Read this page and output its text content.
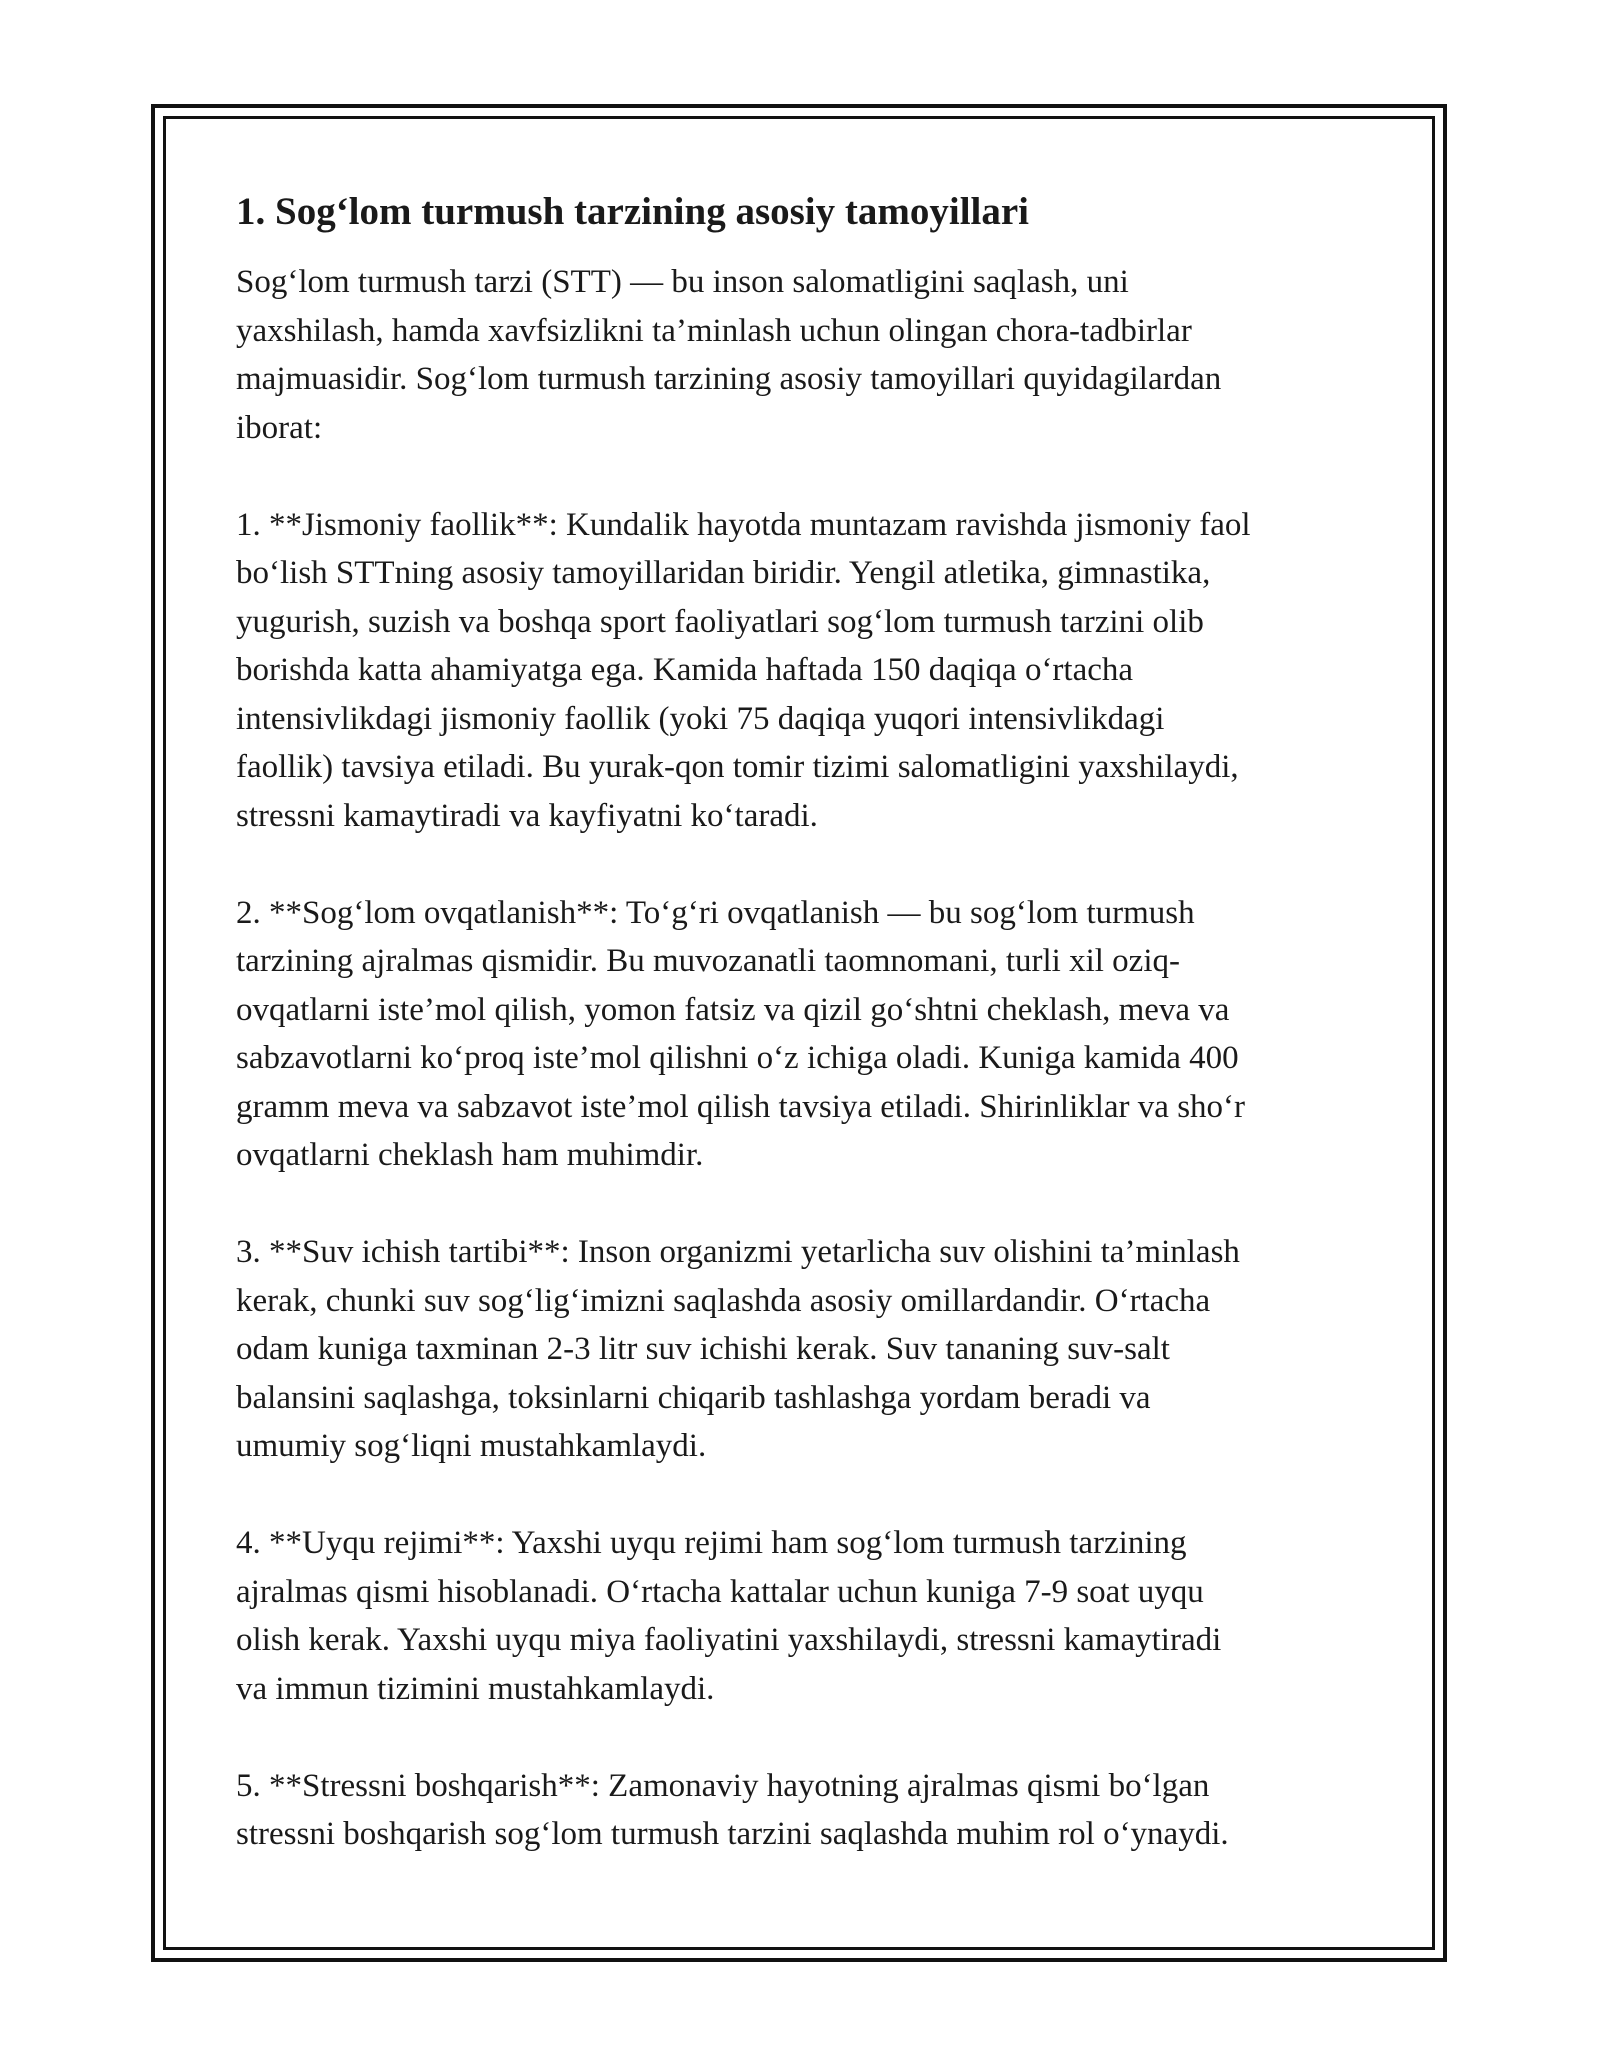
1. Sog‘lom turmush tarzining asosiy tamoyillari

Sog‘lom turmush tarzi (STT) — bu inson salomatligini saqlash, uni
yaxshilash, hamda xavfsizlikni ta’minlash uchun olingan chora-tadbirlar
majmuasidir. Sog‘lom turmush tarzining asosiy tamoyillari quyidagilardan
iborat:

1. **Jismoniy faollik**: Kundalik hayotda muntazam ravishda jismoniy faol
bo‘lish STTning asosiy tamoyillaridan biridir. Yengil atletika, gimnastika,
yugurish, suzish va boshqa sport faoliyatlari sog‘lom turmush tarzini olib
borishda katta ahamiyatga ega. Kamida haftada 150 daqiqa o‘rtacha
intensivlikdagi jismoniy faollik (yoki 75 daqiqa yuqori intensivlikdagi
faollik) tavsiya etiladi. Bu yurak-qon tomir tizimi salomatligini yaxshilaydi,
stressni kamaytiradi va kayfiyatni ko‘taradi.

2. **Sog‘lom ovqatlanish**: To‘g‘ri ovqatlanish — bu sog‘lom turmush
tarzining ajralmas qismidir. Bu muvozanatli taomnomani, turli xil oziq-
ovqatlarni iste’mol qilish, yomon fatsiz va qizil go‘shtni cheklash, meva va
sabzavotlarni ko‘proq iste’mol qilishni o‘z ichiga oladi. Kuniga kamida 400
gramm meva va sabzavot iste’mol qilish tavsiya etiladi. Shirinliklar va sho‘r
ovqatlarni cheklash ham muhimdir.

3. **Suv ichish tartibi**: Inson organizmi yetarlicha suv olishini ta’minlash
kerak, chunki suv sog‘lig‘imizni saqlashda asosiy omillardandir. O‘rtacha
odam kuniga taxminan 2-3 litr suv ichishi kerak. Suv tananing suv-salt
balansini saqlashga, toksinlarni chiqarib tashlashga yordam beradi va
umumiy sog‘liqni mustahkamlaydi.

4. **Uyqu rejimi**: Yaxshi uyqu rejimi ham sog‘lom turmush tarzining
ajralmas qismi hisoblanadi. O‘rtacha kattalar uchun kuniga 7-9 soat uyqu
olish kerak. Yaxshi uyqu miya faoliyatini yaxshilaydi, stressni kamaytiradi
va immun tizimini mustahkamlaydi.

5. **Stressni boshqarish**: Zamonaviy hayotning ajralmas qismi bo‘lgan
stressni boshqarish sog‘lom turmush tarzini saqlashda muhim rol o‘ynaydi.
